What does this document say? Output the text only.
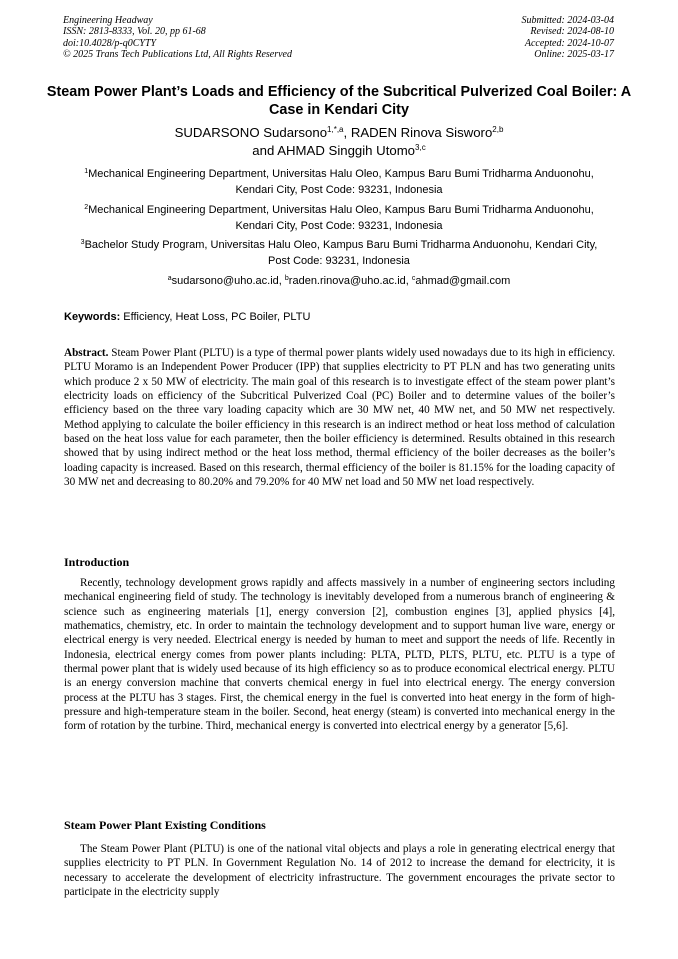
Engineering Headway
ISSN: 2813-8333, Vol. 20, pp 61-68
doi:10.4028/p-q0CYTY
© 2025 Trans Tech Publications Ltd, All Rights Reserved
Submitted: 2024-03-04
Revised: 2024-08-10
Accepted: 2024-10-07
Online: 2025-03-17
Steam Power Plant’s Loads and Efficiency of the Subcritical Pulverized Coal Boiler: A Case in Kendari City
SUDARSONO Sudarsono$^{1,*,a}$, RADEN Rinova Sisworo$^{2,b}$
and AHMAD Singgih Utomo$^{3,c}$
$^1$Mechanical Engineering Department, Universitas Halu Oleo, Kampus Baru Bumi Tridharma Anduonohu, Kendari City, Post Code: 93231, Indonesia
$^2$Mechanical Engineering Department, Universitas Halu Oleo, Kampus Baru Bumi Tridharma Anduonohu, Kendari City, Post Code: 93231, Indonesia
$^3$Bachelor Study Program, Universitas Halu Oleo, Kampus Baru Bumi Tridharma Anduonohu, Kendari City, Post Code: 93231, Indonesia
$^a$sudarsono@uho.ac.id, $^b$raden.rinova@uho.ac.id, $^c$ahmad@gmail.com
Keywords: Efficiency, Heat Loss, PC Boiler, PLTU
Abstract. Steam Power Plant (PLTU) is a type of thermal power plants widely used nowadays due to its high in efficiency. PLTU Moramo is an Independent Power Producer (IPP) that supplies electricity to PT PLN and has two generating units which produce 2 x 50 MW of electricity. The main goal of this research is to investigate effect of the steam power plant’s electricity loads on efficiency of the Subcritical Pulverized Coal (PC) Boiler and to determine values of the boiler’s efficiency based on the three vary loading capacity which are 30 MW net, 40 MW net, and 50 MW net respectively. Method applying to calculate the boiler efficiency in this research is an indirect method or heat loss method of calculation based on the heat loss value for each parameter, then the boiler efficiency is determined. Results obtained in this research showed that by using indirect method or the heat loss method, thermal efficiency of the boiler decreases as the boiler’s loading capacity is increased. Based on this research, thermal efficiency of the boiler is 81.15% for the loading capacity of 30 MW net and decreasing to 80.20% and 79.20% for 40 MW net load and 50 MW net load respectively.
Introduction
Recently, technology development grows rapidly and affects massively in a number of engineering sectors including mechanical engineering field of study. The technology is inevitably developed from a numerous branch of engineering & science such as engineering materials [1], energy conversion [2], combustion engines [3], applied physics [4], mathematics, chemistry, etc. In order to maintain the technology development and to support human live ware, energy or electrical energy is very needed. Electrical energy is needed by human to meet and support the needs of life. Recently in Indonesia, electrical energy comes from power plants including: PLTA, PLTD, PLTS, PLTU, etc. PLTU is a type of thermal power plant that is widely used because of its high efficiency so as to produce economical electrical energy. PLTU is an energy conversion machine that converts chemical energy in fuel into electrical energy. The energy conversion process at the PLTU has 3 stages. First, the chemical energy in the fuel is converted into heat energy in the form of high-pressure and high-temperature steam in the boiler. Second, heat energy (steam) is converted into mechanical energy in the form of rotation by the turbine. Third, mechanical energy is converted into electrical energy by a generator [5,6].
Steam Power Plant Existing Conditions
The Steam Power Plant (PLTU) is one of the national vital objects and plays a role in generating electrical energy that supplies electricity to PT PLN. In Government Regulation No. 14 of 2012 to increase the demand for electricity, it is necessary to accelerate the development of electricity infrastructure. The government encourages the private sector to participate in the electricity supply
